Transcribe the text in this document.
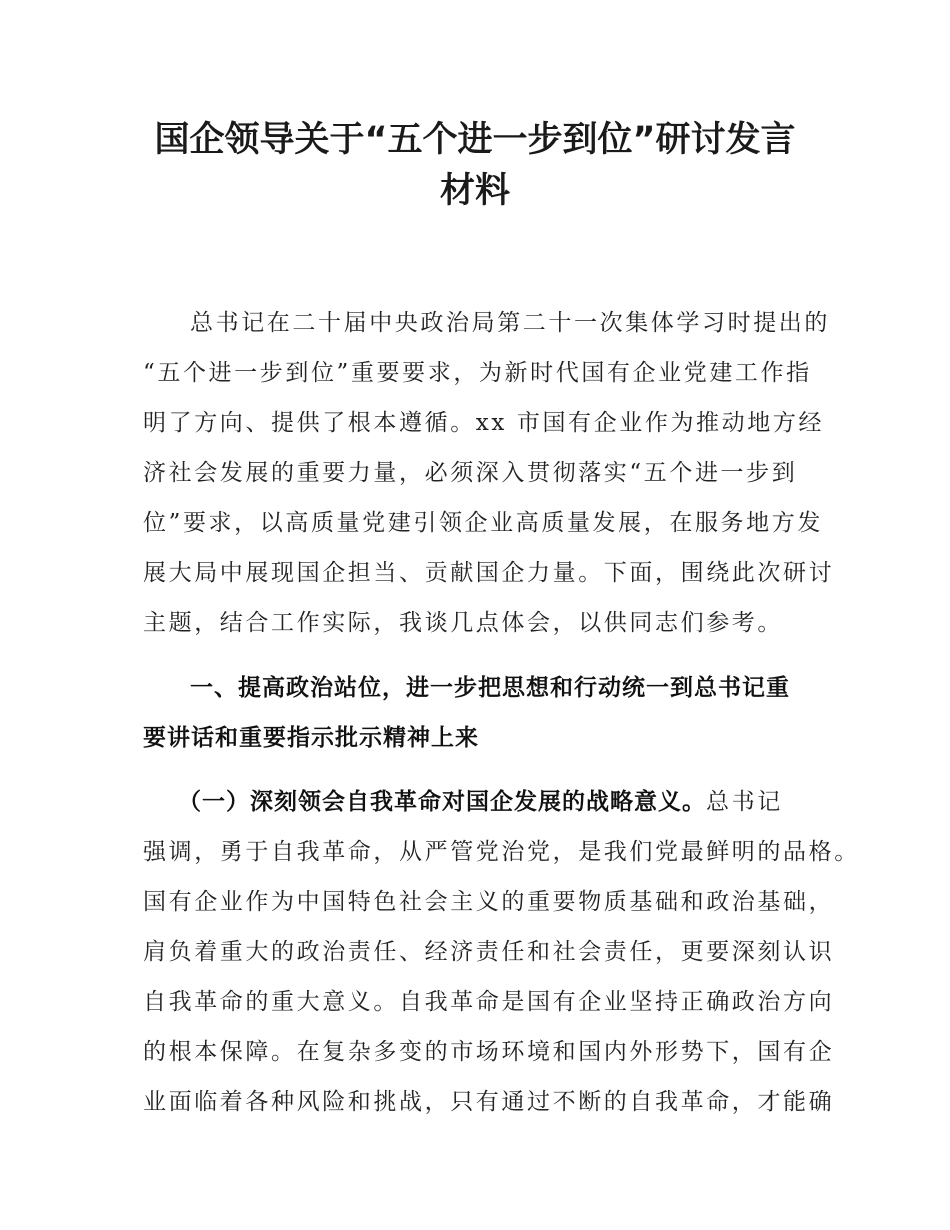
国企领导关于“五个进一步到位”研讨发言
材料
总书记在二十届中央政治局第二十一次集体学习时提出的
“五个进一步到位”重要要求，为新时代国有企业党建工作指
明了方向、提供了根本遵循。xx 市国有企业作为推动地方经
济社会发展的重要力量，必须深入贯彻落实“五个进一步到
位”要求，以高质量党建引领企业高质量发展，在服务地方发
展大局中展现国企担当、贡献国企力量。下面，围绕此次研讨
主题，结合工作实际，我谈几点体会，以供同志们参考。
一、提高政治站位，进一步把思想和行动统一到总书记重
要讲话和重要指示批示精神上来
（一）深刻领会自我革命对国企发展的战略意义。总书记
强调，勇于自我革命，从严管党治党，是我们党最鲜明的品格。
国有企业作为中国特色社会主义的重要物质基础和政治基础，
肩负着重大的政治责任、经济责任和社会责任，更要深刻认识
自我革命的重大意义。自我革命是国有企业坚持正确政治方向
的根本保障。在复杂多变的市场环境和国内外形势下，国有企
业面临着各种风险和挑战，只有通过不断的自我革命，才能确
